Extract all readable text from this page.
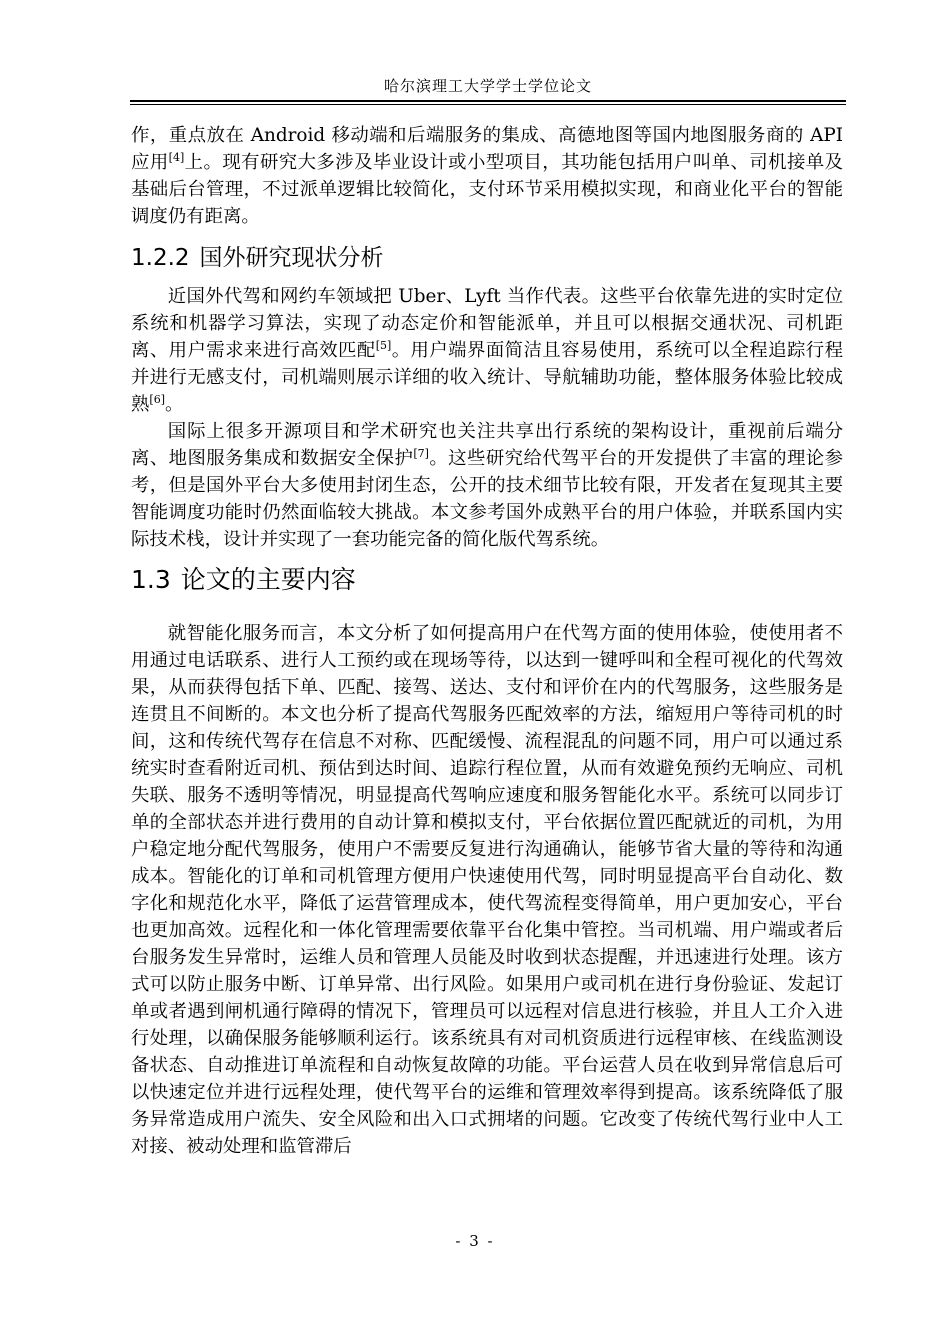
哈尔滨理工大学学士学位论文

作，重点放在 Android 移动端和后端服务的集成、高德地图等国内地图服务商的 API 应用[4]上。现有研究大多涉及毕业设计或小型项目，其功能包括用户叫单、司机接单及基础后台管理，不过派单逻辑比较简化，支付环节采用模拟实现，和商业化平台的智能调度仍有距离。

1.2.2 国外研究现状分析

近国外代驾和网约车领域把 Uber、Lyft 当作代表。这些平台依靠先进的实时定位系统和机器学习算法，实现了动态定价和智能派单，并且可以根据交通状况、司机距离、用户需求来进行高效匹配[5]。用户端界面简洁且容易使用，系统可以全程追踪行程并进行无感支付，司机端则展示详细的收入统计、导航辅助功能，整体服务体验比较成熟[6]。

国际上很多开源项目和学术研究也关注共享出行系统的架构设计，重视前后端分离、地图服务集成和数据安全保护[7]。这些研究给代驾平台的开发提供了丰富的理论参考，但是国外平台大多使用封闭生态，公开的技术细节比较有限，开发者在复现其主要智能调度功能时仍然面临较大挑战。本文参考国外成熟平台的用户体验，并联系国内实际技术栈，设计并实现了一套功能完备的简化版代驾系统。

1.3 论文的主要内容

就智能化服务而言，本文分析了如何提高用户在代驾方面的使用体验，使使用者不用通过电话联系、进行人工预约或在现场等待，以达到一键呼叫和全程可视化的代驾效果，从而获得包括下单、匹配、接驾、送达、支付和评价在内的代驾服务，这些服务是连贯且不间断的。本文也分析了提高代驾服务匹配效率的方法，缩短用户等待司机的时间，这和传统代驾存在信息不对称、匹配缓慢、流程混乱的问题不同，用户可以通过系统实时查看附近司机、预估到达时间、追踪行程位置，从而有效避免预约无响应、司机失联、服务不透明等情况，明显提高代驾响应速度和服务智能化水平。系统可以同步订单的全部状态并进行费用的自动计算和模拟支付，平台依据位置匹配就近的司机，为用户稳定地分配代驾服务，使用户不需要反复进行沟通确认，能够节省大量的等待和沟通成本。智能化的订单和司机管理方便用户快速使用代驾，同时明显提高平台自动化、数字化和规范化水平，降低了运营管理成本，使代驾流程变得简单，用户更加安心，平台也更加高效。远程化和一体化管理需要依靠平台化集中管控。当司机端、用户端或者后台服务发生异常时，运维人员和管理人员能及时收到状态提醒，并迅速进行处理。该方式可以防止服务中断、订单异常、出行风险。如果用户或司机在进行身份验证、发起订单或者遇到闸机通行障碍的情况下，管理员可以远程对信息进行核验，并且人工介入进行处理，以确保服务能够顺利运行。该系统具有对司机资质进行远程审核、在线监测设备状态、自动推进订单流程和自动恢复故障的功能。平台运营人员在收到异常信息后可以快速定位并进行远程处理，使代驾平台的运维和管理效率得到提高。该系统降低了服务异常造成用户流失、安全风险和出入口式拥堵的问题。它改变了传统代驾行业中人工对接、被动处理和监管滞后

- 3 -
